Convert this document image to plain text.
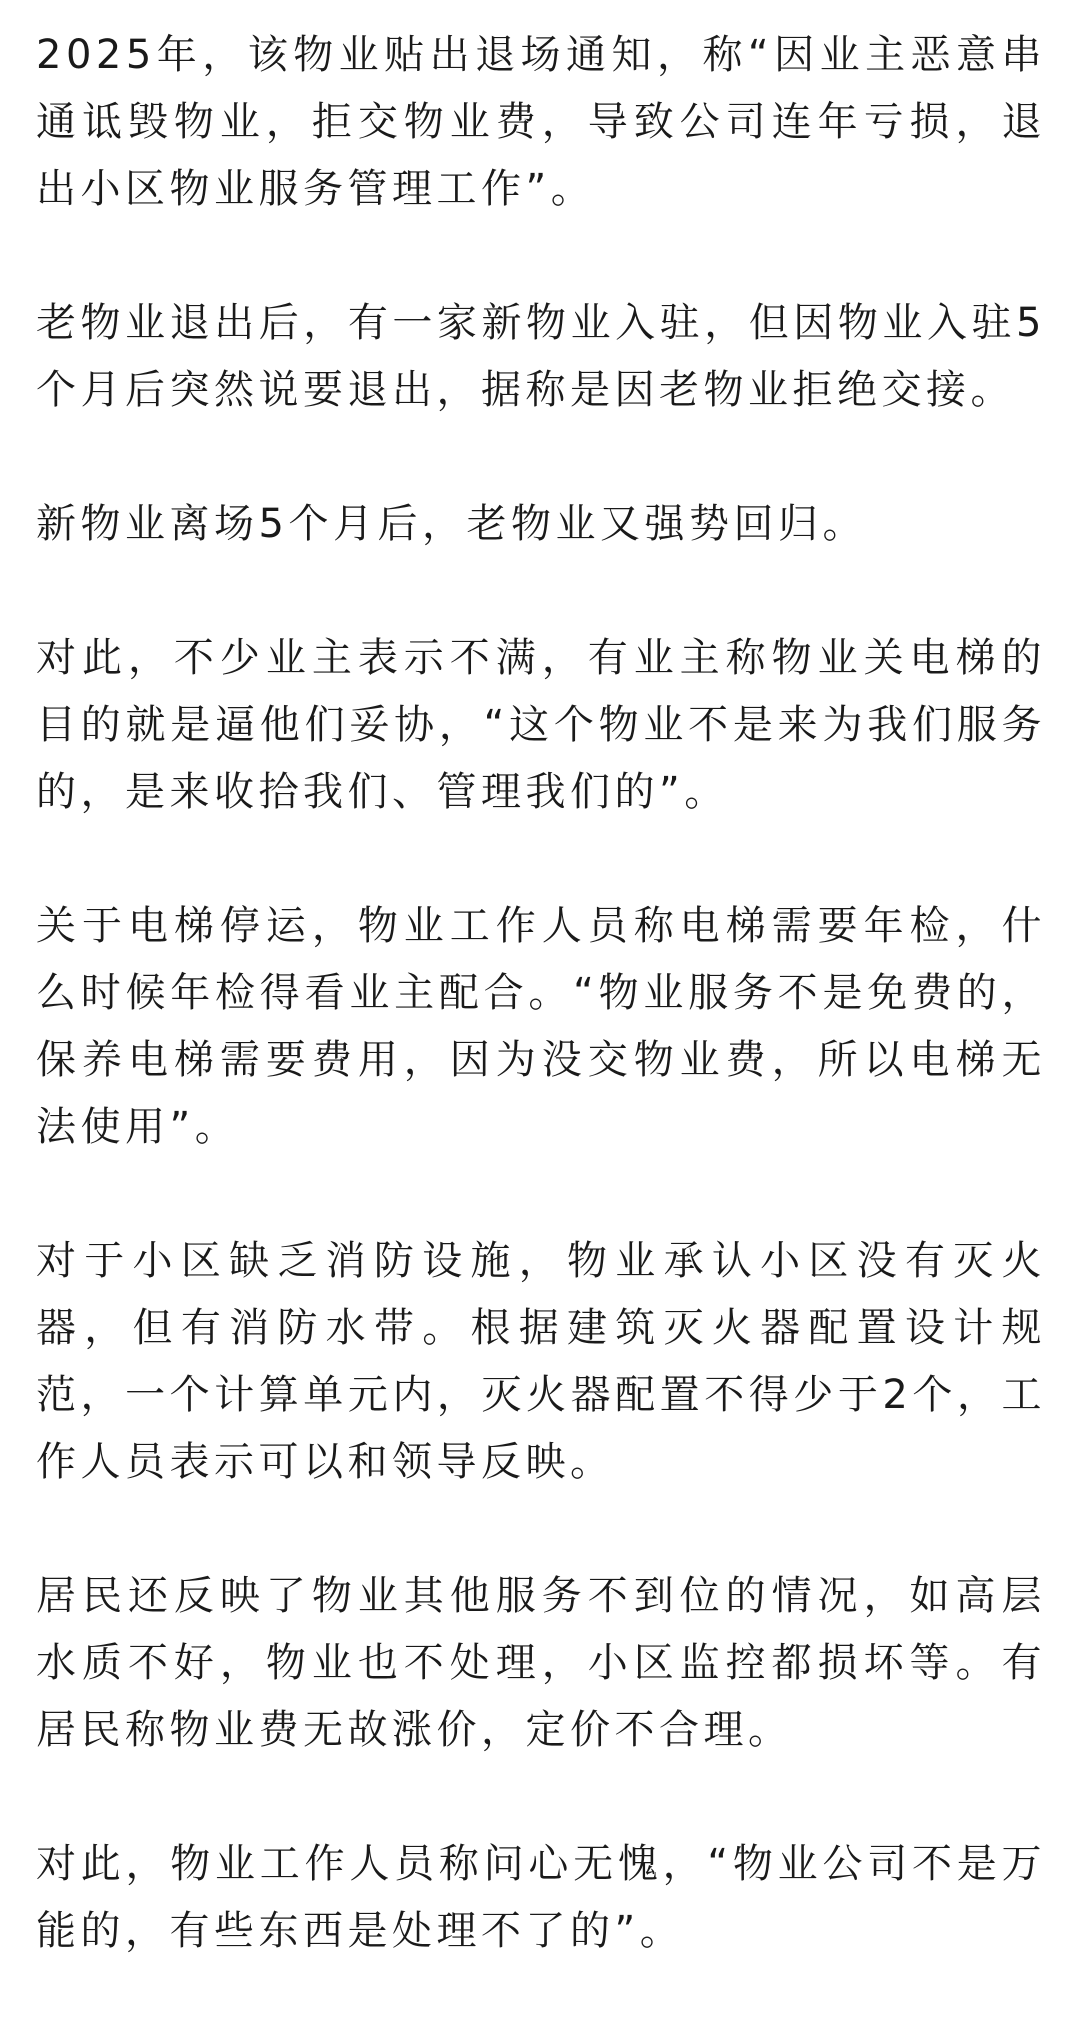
2025年，该物业贴出退场通知，称“因业主恶意串通诋毁物业，拒交物业费，导致公司连年亏损，退出小区物业服务管理工作”。

老物业退出后，有一家新物业入驻，但因物业入驻5个月后突然说要退出，据称是因老物业拒绝交接。

新物业离场5个月后，老物业又强势回归。

对此，不少业主表示不满，有业主称物业关电梯的目的就是逼他们妥协，“这个物业不是来为我们服务的，是来收拾我们、管理我们的”。

关于电梯停运，物业工作人员称电梯需要年检，什么时候年检得看业主配合。“物业服务不是免费的，保养电梯需要费用，因为没交物业费，所以电梯无法使用”。

对于小区缺乏消防设施，物业承认小区没有灭火器，但有消防水带。根据建筑灭火器配置设计规范，一个计算单元内，灭火器配置不得少于2个，工作人员表示可以和领导反映。

居民还反映了物业其他服务不到位的情况，如高层水质不好，物业也不处理，小区监控都损坏等。有居民称物业费无故涨价，定价不合理。

对此，物业工作人员称问心无愧，“物业公司不是万能的，有些东西是处理不了的”。
